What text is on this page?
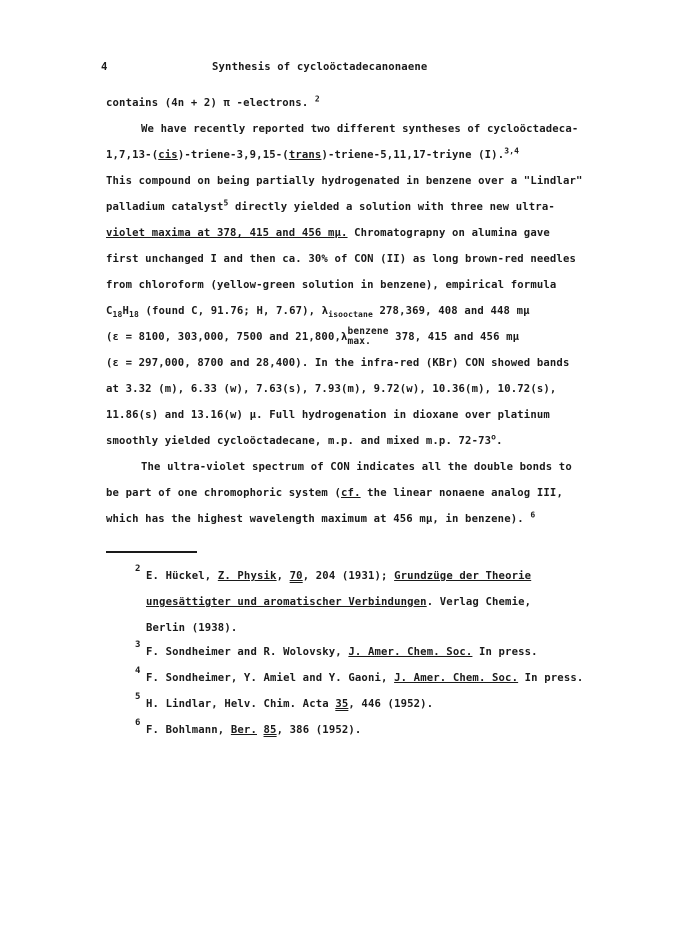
4	Synthesis of cycloöctadecanonaene
contains (4n + 2) π -electrons. $^2$
We have recently reported two different syntheses of cycloöctadeca-
1,7,13-(cis)-triene-3,9,15-(trans)-triene-5,11,17-triyne (I).$^{3,4}$
This compound on being partially hydrogenated in benzene over a "Lindlar"
palladium catalyst$^5$ directly yielded a solution with three new ultra-
violet maxima at 378, 415 and 456 mμ. Chromatograpny on alumina gave
first unchanged I and then ca. 30% of CON (II) as long brown-red needles
from chloroform (yellow-green solution in benzene), empirical formula
$C_{18}H_{18}$ (found C, 91.76; H, 7.67), $\lambda_{isooctane}$ 278,369, 408 and 448 mμ
(ε = 8100, 303,000, 7500 and 21,800,λ benzene
max.	378, 415 and 456 mμ
(ε = 297,000, 8700 and 28,400). In the infra-red (KBr) CON showed bands
at 3.32 (m), 6.33 (w), 7.63(s), 7.93(m), 9.72(w), 10.36(m), 10.72(s),
11.86(s) and 13.16(w) μ. Full hydrogenation in dioxane over platinum
smoothly yielded cycloöctadecane, m.p. and mixed m.p. 72-73$^o$.
The ultra-violet spectrum of CON indicates all the double bonds to
be part of one chromophoric system (cf. the linear nonaene analog III,
which has the highest wavelength maximum at 456 mμ, in benzene). $^6$
2
E. Hückel, Z. Physik, 70, 204 (1931); Grundzüge der Theorie
ungesättigter und aromatischer Verbindungen. Verlag Chemie,
Berlin (1938).
3
F. Sondheimer and R. Wolovsky, J. Amer. Chem. Soc. In press.
4
F. Sondheimer, Y. Amiel and Y. Gaoni, J. Amer. Chem. Soc. In press.
5
H. Lindlar, Helv. Chim. Acta 35, 446 (1952).
6
F. Bohlmann, Ber. 85, 386 (1952).
